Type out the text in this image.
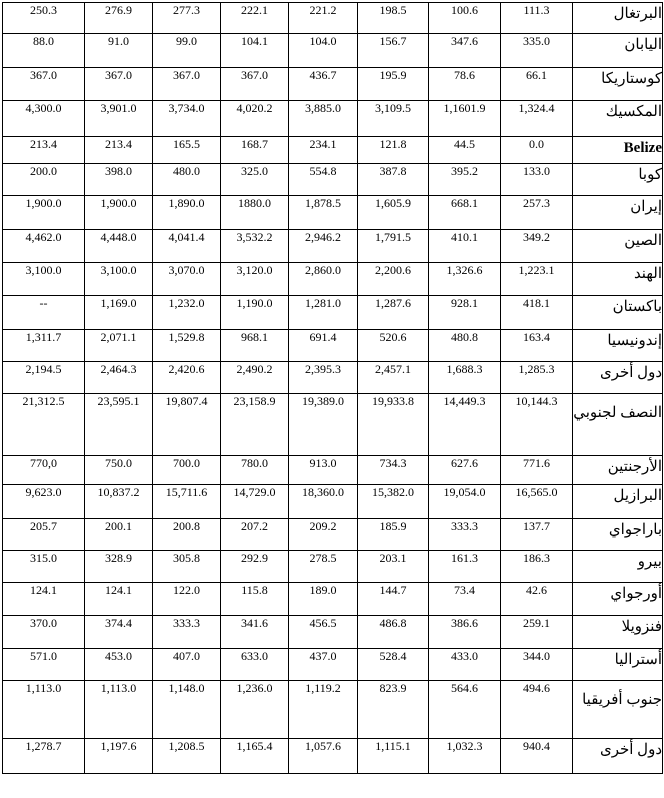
250.3	276.9	277.3	222.1	221.2	198.5	100.6	111.3	البرتغال
88.0	91.0	99.0	104.1	104.0	156.7	347.6	335.0	اليابان
367.0	367.0	367.0	367.0	436.7	195.9	78.6	66.1	كوستاريكا
4,300.0	3,901.0	3,734.0	4,020.2	3,885.0	3,109.5	1,1601.9	1,324.4	المكسيك
213.4	213.4	165.5	168.7	234.1	121.8	44.5	0.0	Belize
200.0	398.0	480.0	325.0	554.8	387.8	395.2	133.0	كوبا
1,900.0	1,900.0	1,890.0	1880.0	1,878.5	1,605.9	668.1	257.3	إيران
4,462.0	4,448.0	4,041.4	3,532.2	2,946.2	1,791.5	410.1	349.2	الصين
3,100.0	3,100.0	3,070.0	3,120.0	2,860.0	2,200.6	1,326.6	1,223.1	الهند
--	1,169.0	1,232.0	1,190.0	1,281.0	1,287.6	928.1	418.1	باكستان
1,311.7	2,071.1	1,529.8	968.1	691.4	520.6	480.8	163.4	إندونيسيا
2,194.5	2,464.3	2,420.6	2,490.2	2,395.3	2,457.1	1,688.3	1,285.3	دول أخرى
21,312.5	23,595.1	19,807.4	23,158.9	19,389.0	19,933.8	14,449.3	10,144.3	النصف لجنوبي
770,0	750.0	700.0	780.0	913.0	734.3	627.6	771.6	الأرجنتين
9,623.0	10,837.2	15,711.6	14,729.0	18,360.0	15,382.0	19,054.0	16,565.0	البرازيل
205.7	200.1	200.8	207.2	209.2	185.9	333.3	137.7	باراجواي
315.0	328.9	305.8	292.9	278.5	203.1	161.3	186.3	بيرو
124.1	124.1	122.0	115.8	189.0	144.7	73.4	42.6	أورجواي
370.0	374.4	333.3	341.6	456.5	486.8	386.6	259.1	فنزويلا
571.0	453.0	407.0	633.0	437.0	528.4	433.0	344.0	أستراليا
1,113.0	1,113.0	1,148.0	1,236.0	1,119.2	823.9	564.6	494.6	جنوب أفريقيا
1,278.7	1,197.6	1,208.5	1,165.4	1,057.6	1,115.1	1,032.3	940.4	دول أخرى
